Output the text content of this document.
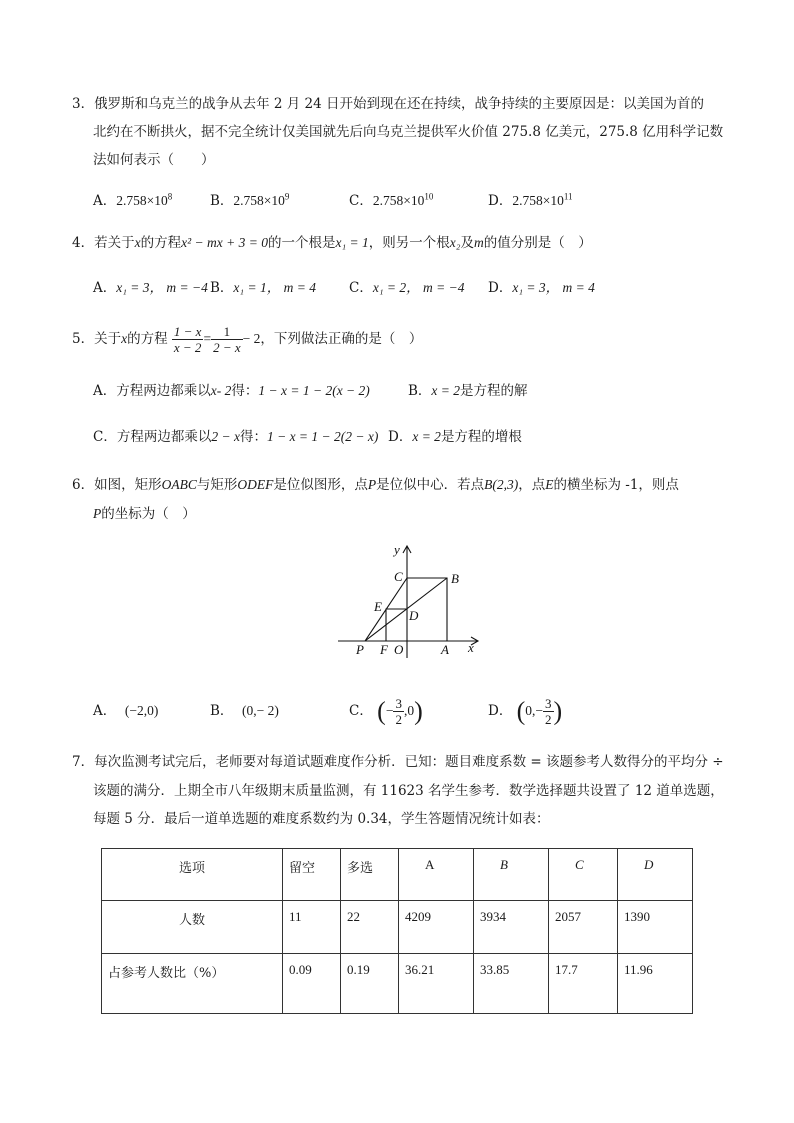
3．俄罗斯和乌克兰的战争从去年 2 月 24 日开始到现在还在持续，战争持续的主要原因是：以美国为首的
北约在不断拱火，据不完全统计仅美国就先后向乌克兰提供军火价值 275.8 亿美元，275.8 亿用科学记数
法如何表示（　　）
A．$2.758\times 10^8$	B．$2.758\times 10^9$	C．$2.758\times 10^{10}$	D．$2.758\times 10^{11}$
4．若关于x的方程x² − mx + 3 = 0的一个根是x₁ = 1，则另一个根x₂及m的值分别是（　）
A．x₁ = 3， m = −4 B．x₁ = 1， m = 4 C．x₁ = 2， m = −4 D．x₁ = 3， m = 4
5．关于x的方程 $\frac{1 - x}{x - 2} = \frac{1}{2 - x} - 2$，下列做法正确的是（　）
A．方程两边都乘以x- 2得：1 − x = 1 − 2(x − 2)	B．x = 2是方程的解
C．方程两边都乘以2 − x得：1 − x = 1 − 2(2 − x) D．x = 2是方程的增根
6．如图，矩形OABC与矩形ODEF是位似图形，点P是位似中心．若点B(2,3)，点E的横坐标为 -1，则点
P的坐标为（　）
y
x
C	B
E
D
P F O	A
A． (−2,0)	B． (0,− 2)	C． (− $\frac{3}{2} ,0$)	D． ($0,- \frac{3}{2}$ )
7．每次监测考试完后，老师要对每道试题难度作分析．已知：题目难度系数 = 该题参考人数得分的平均分 ÷
该题的满分．上期全市八年级期末质量监测，有 11623 名学生参考．数学选择题共设置了 12 道单选题，
每题 5 分．最后一道单选题的难度系数约为 0.34，学生答题情况统计如表：
选项	留空	多选	A	B	C	D
人数	11	22	4209	3934	2057	1390
占参考人数比（%）	0.09	0.19	36.21	33.85	17.7	11.96
